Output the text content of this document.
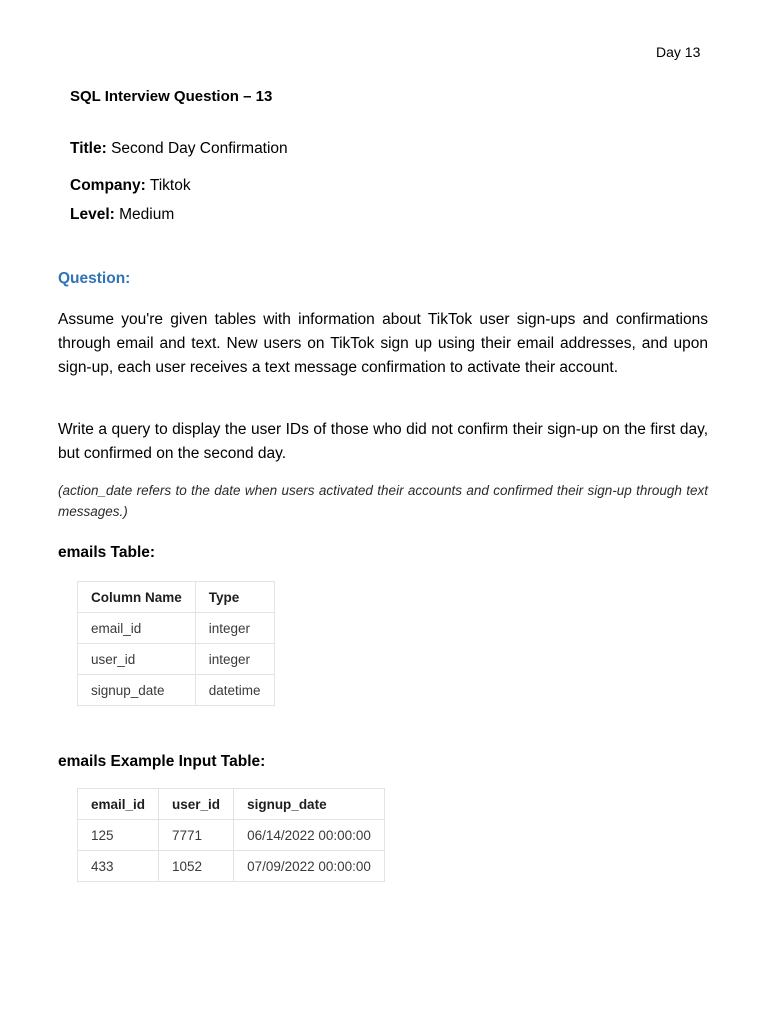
Day 13
SQL Interview Question – 13
Title: Second Day Confirmation
Company: Tiktok
Level: Medium
Question:
Assume you're given tables with information about TikTok user sign-ups and confirmations through email and text. New users on TikTok sign up using their email addresses, and upon sign-up, each user receives a text message confirmation to activate their account.
Write a query to display the user IDs of those who did not confirm their sign-up on the first day, but confirmed on the second day.
(action_date refers to the date when users activated their accounts and confirmed their sign-up through text messages.)
emails Table:
Column Name	Type
email_id	integer
user_id	integer
signup_date	datetime
emails Example Input Table:
email_id	user_id	signup_date
125	7771	06/14/2022 00:00:00
433	1052	07/09/2022 00:00:00
